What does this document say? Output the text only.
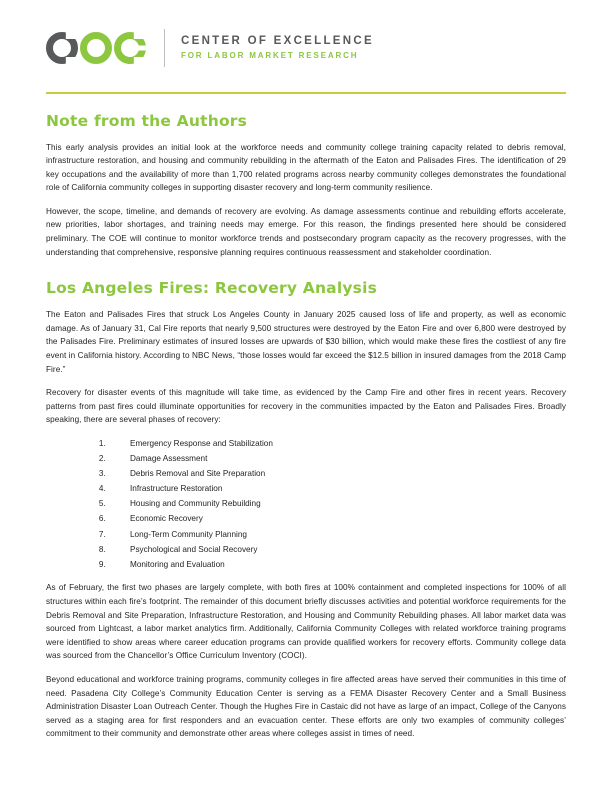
CENTER OF EXCELLENCE
FOR LABOR MARKET RESEARCH
Note from the Authors

This early analysis provides an initial look at the workforce needs and community college training capacity related to debris removal, infrastructure restoration, and housing and community rebuilding in the aftermath of the Eaton and Palisades Fires. The identification of 29 key occupations and the availability of more than 1,700 related programs across nearby community colleges demonstrates the foundational role of California community colleges in supporting disaster recovery and long-term community resilience.

However, the scope, timeline, and demands of recovery are evolving. As damage assessments continue and rebuilding efforts accelerate, new priorities, labor shortages, and training needs may emerge. For this reason, the findings presented here should be considered preliminary. The COE will continue to monitor workforce trends and postsecondary program capacity as the recovery progresses, with the understanding that comprehensive, responsive planning requires continuous reassessment and stakeholder coordination.

Los Angeles Fires: Recovery Analysis

The Eaton and Palisades Fires that struck Los Angeles County in January 2025 caused loss of life and property, as well as economic damage. As of January 31, Cal Fire reports that nearly 9,500 structures were destroyed by the Eaton Fire and over 6,800 were destroyed by the Palisades Fire. Preliminary estimates of insured losses are upwards of $30 billion, which would make these fires the costliest of any fire event in California history. According to NBC News, “those losses would far exceed the $12.5 billion in insured damages from the 2018 Camp Fire.”

Recovery for disaster events of this magnitude will take time, as evidenced by the Camp Fire and other fires in recent years. Recovery patterns from past fires could illuminate opportunities for recovery in the communities impacted by the Eaton and Palisades Fires. Broadly speaking, there are several phases of recovery:

1. Emergency Response and Stabilization
2. Damage Assessment
3. Debris Removal and Site Preparation
4. Infrastructure Restoration
5. Housing and Community Rebuilding
6. Economic Recovery
7. Long-Term Community Planning
8. Psychological and Social Recovery
9. Monitoring and Evaluation

As of February, the first two phases are largely complete, with both fires at 100% containment and completed inspections for 100% of all structures within each fire’s footprint. The remainder of this document briefly discusses activities and potential workforce requirements for the Debris Removal and Site Preparation, Infrastructure Restoration, and Housing and Community Rebuilding phases. All labor market data was sourced from Lightcast, a labor market analytics firm. Additionally, California Community Colleges with related workforce training programs were identified to show areas where career education programs can provide qualified workers for recovery efforts. Community college data was sourced from the Chancellor’s Office Curriculum Inventory (COCI).

Beyond educational and workforce training programs, community colleges in fire affected areas have served their communities in this time of need. Pasadena City College’s Community Education Center is serving as a FEMA Disaster Recovery Center and a Small Business Administration Disaster Loan Outreach Center. Though the Hughes Fire in Castaic did not have as large of an impact, College of the Canyons served as a staging area for first responders and an evacuation center. These efforts are only two examples of community colleges’ commitment to their community and demonstrate other areas where colleges assist in times of need.
